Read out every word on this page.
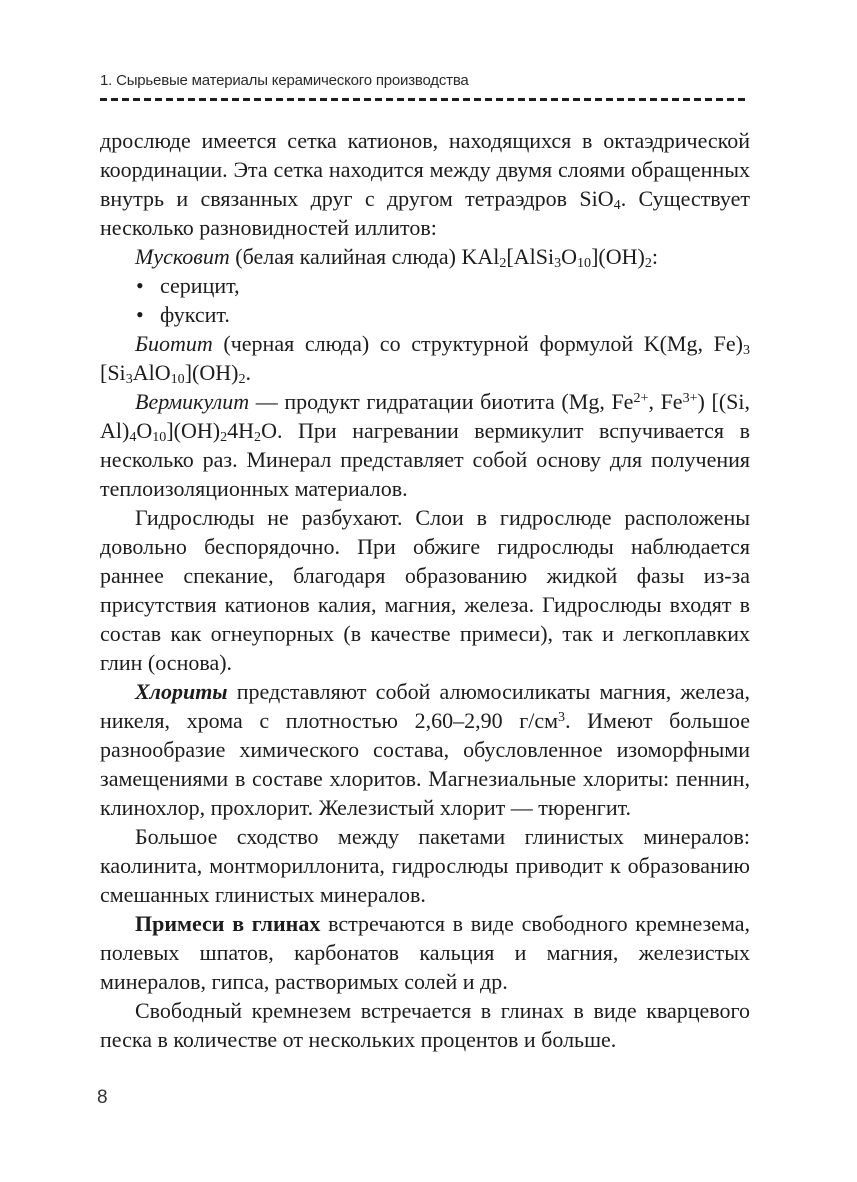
1. Сырьевые материалы керамического производства

дрослюде имеется сетка катионов, находящихся в октаэдрической координации. Эта сетка находится между двумя слоями обращенных внутрь и связанных друг с другом тетраэдров SiO$_4$. Существует несколько разновидностей иллитов:

Мусковит (белая калийная слюда) $KAl_2[AlSi_3O_{10}](OH)_2$:

• серицит,
• фуксит.

Биотит (черная слюда) со структурной формулой K(Mg, $Fe)_3$ $[Si_3AlO_{10}](OH)_2$.

Вермикулит — продукт гидратации биотита (Mg, $Fe^{2+}$, $Fe^{3+}$) [(Si, $Al)_4O_{10}](OH)_24H_2O$. При нагревании вермикулит вспучивается в несколько раз. Минерал представляет собой основу для получения теплоизоляционных материалов.

Гидрослюды не разбухают. Слои в гидрослюде расположены довольно беспорядочно. При обжиге гидрослюды наблюдается раннее спекание, благодаря образованию жидкой фазы из-за присутствия катионов калия, магния, железа. Гидрослюды входят в состав как огнеупорных (в качестве примеси), так и легкоплавких глин (основа).

Хлориты представляют собой алюмосиликаты магния, железа, никеля, хрома с плотностью 2,60–2,90 $г/см^3$. Имеют большое разнообразие химического состава, обусловленное изоморфными замещениями в составе хлоритов. Магнезиальные хлориты: пеннин, клинохлор, прохлорит. Железистый хлорит — тюренгит.

Большое сходство между пакетами глинистых минералов: каолинита, монтмориллонита, гидрослюды приводит к образованию смешанных глинистых минералов.

Примеси в глинах встречаются в виде свободного кремнезема, полевых шпатов, карбонатов кальция и магния, железистых минералов, гипса, растворимых солей и др.

Свободный кремнезем встречается в глинах в виде кварцевого песка в количестве от нескольких процентов и больше.

8
